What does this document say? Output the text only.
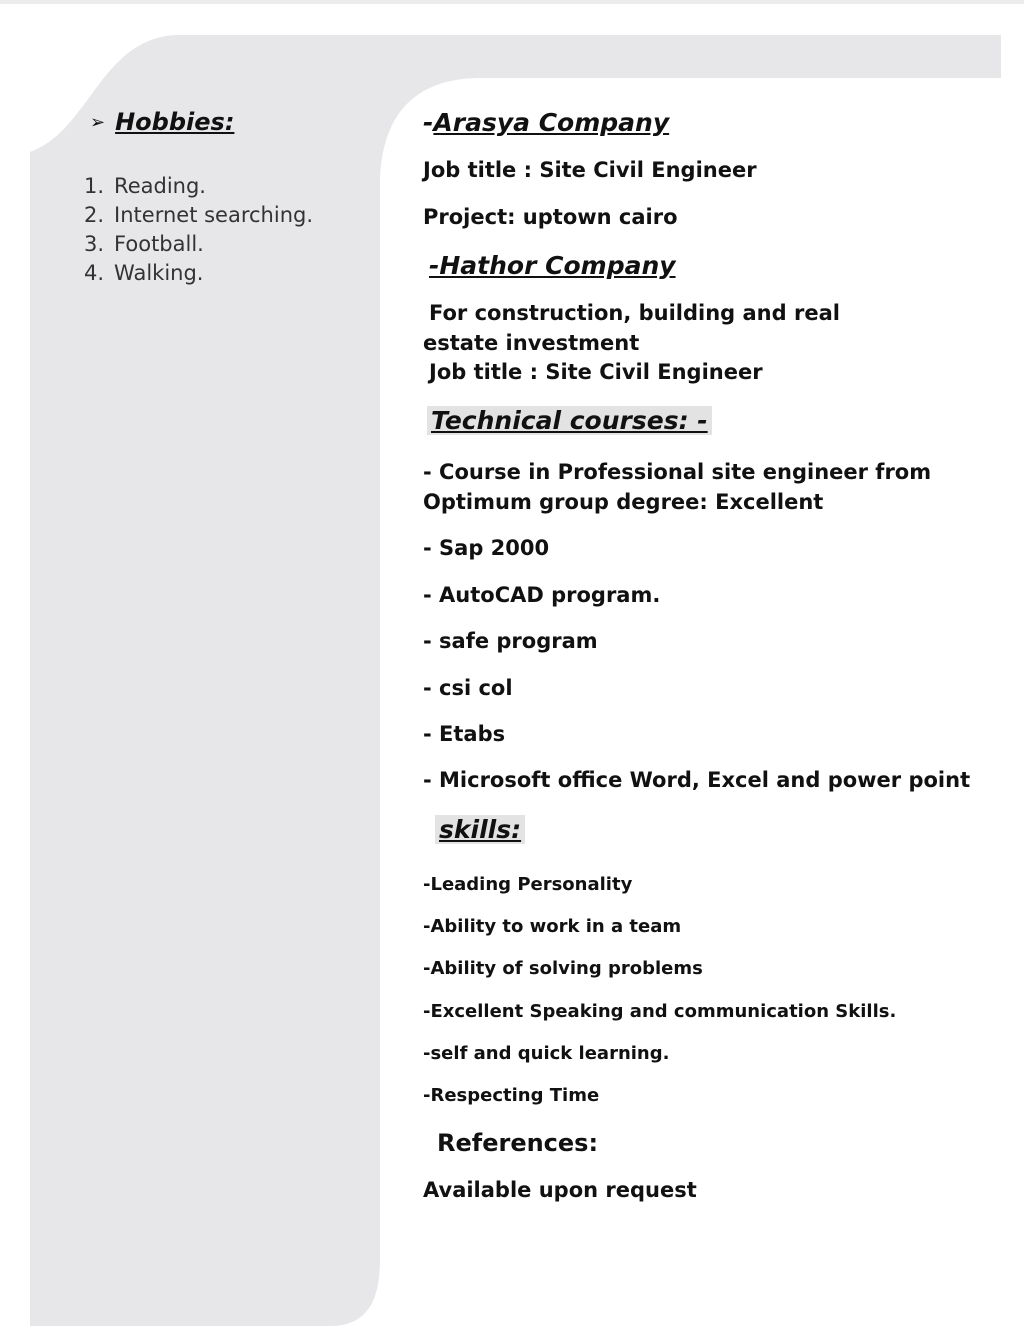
➢ Hobbies:
1. Reading.
2. Internet searching.
3. Football.
4. Walking.
-Arasya Company
Job title : Site Civil Engineer
Project: uptown cairo
-Hathor Company
For construction, building and real
estate investment
Job title : Site Civil Engineer
Technical courses: -
- Course in Professional site engineer from
Optimum group degree: Excellent
- Sap 2000
- AutoCAD program.
- safe program
- csi col
- Etabs
- Microsoft office Word, Excel and power point
skills:
-Leading Personality
-Ability to work in a team
-Ability of solving problems
-Excellent Speaking and communication Skills.
-self and quick learning.
-Respecting Time
References:
Available upon request
